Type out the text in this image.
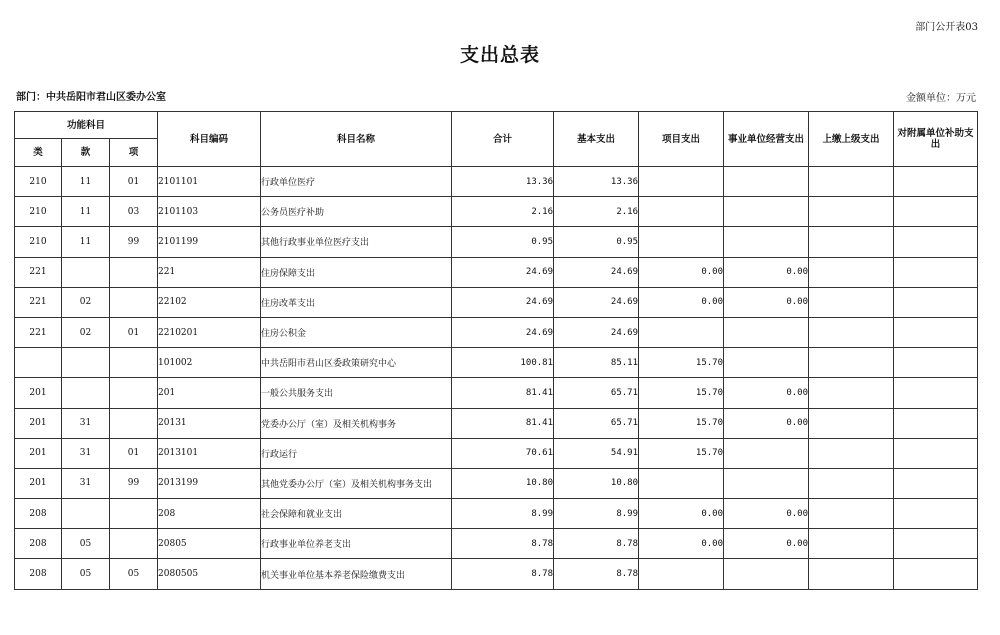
部门公开表03
支出总表
部门：中共岳阳市君山区委办公室	金额单位：万元
功能科目			科目编码	科目名称	合计	基本支出	项目支出	事业单位经营支出	上缴上级支出	对附属单位补助支出
类	款	项								
210	11	01	2101101	行政单位医疗	13.36	13.36				
210	11	03	2101103	公务员医疗补助	2.16	2.16				
210	11	99	2101199	其他行政事业单位医疗支出	0.95	0.95				
221			221	住房保障支出	24.69	24.69	0.00	0.00		
221	02		22102	住房改革支出	24.69	24.69	0.00	0.00		
221	02	01	2210201	住房公积金	24.69	24.69				
			101002	中共岳阳市君山区委政策研究中心	100.81	85.11	15.70			
201			201	一般公共服务支出	81.41	65.71	15.70	0.00		
201	31		20131	党委办公厅（室）及相关机构事务	81.41	65.71	15.70	0.00		
201	31	01	2013101	行政运行	70.61	54.91	15.70			
201	31	99	2013199	其他党委办公厅（室）及相关机构事务支出	10.80	10.80				
208			208	社会保障和就业支出	8.99	8.99	0.00	0.00		
208	05		20805	行政事业单位养老支出	8.78	8.78	0.00	0.00		
208	05	05	2080505	机关事业单位基本养老保险缴费支出	8.78	8.78				
